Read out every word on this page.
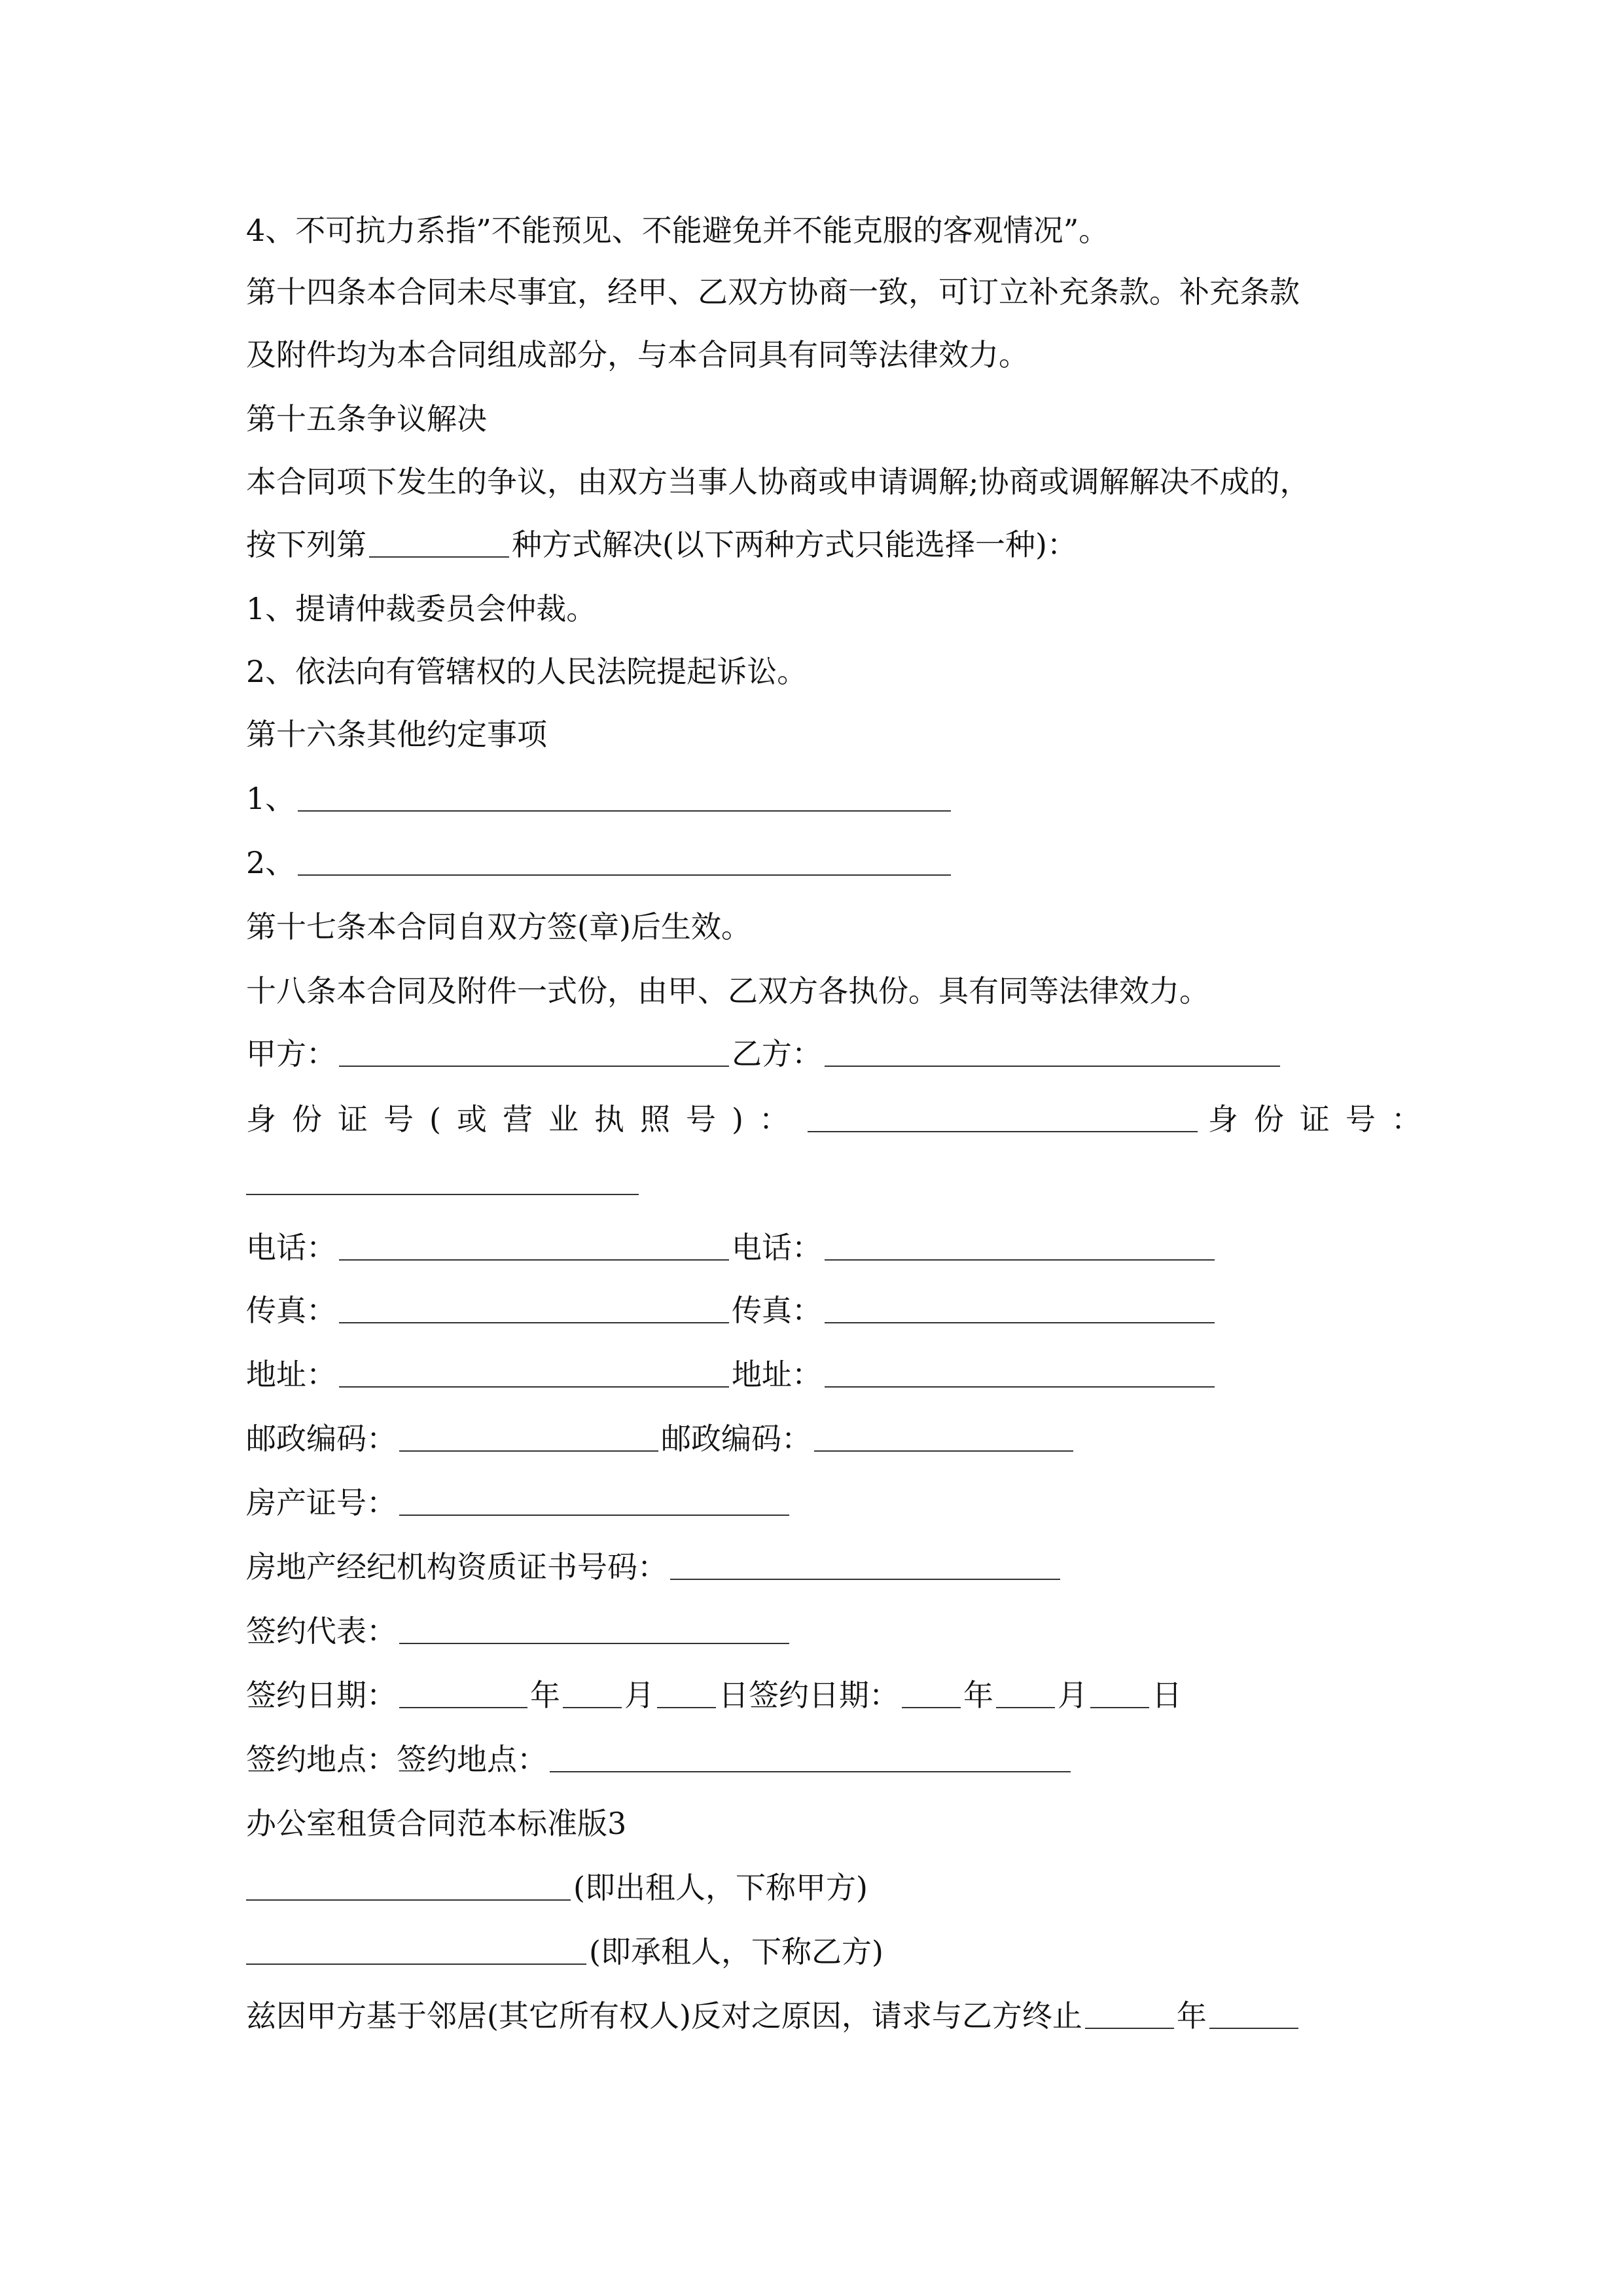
4、不可抗力系指”不能预见、不能避免并不能克服的客观情况”。
第十四条本合同未尽事宜，经甲、乙双方协商一致，可订立补充条款。补充条款
及附件均为本合同组成部分，与本合同具有同等法律效力。
第十五条争议解决
本合同项下发生的争议，由双方当事人协商或申请调解;协商或调解解决不成的，
按下列第	种方式解决(以下两种方式只能选择一种)：
1、提请仲裁委员会仲裁。
2、依法向有管辖权的人民法院提起诉讼。
第十六条其他约定事项
1、
2、
第十七条本合同自双方签(章)后生效。
十八条本合同及附件一式份，由甲、乙双方各执份。具有同等法律效力。
甲方：	乙方：
身份证号(或营业执照号)：	身份证号：
电话：	电话：
传真：	传真：
地址：	地址：
邮政编码：	邮政编码：
房产证号：
房地产经纪机构资质证书号码：
签约代表：
签约日期：	年 月 日签约日期： 年 月 日
签约地点：签约地点：
办公室租赁合同范本标准版3
(即出租人，下称甲方)
(即承租人，下称乙方)
兹因甲方基于邻居(其它所有权人)反对之原因，请求与乙方终止	年
